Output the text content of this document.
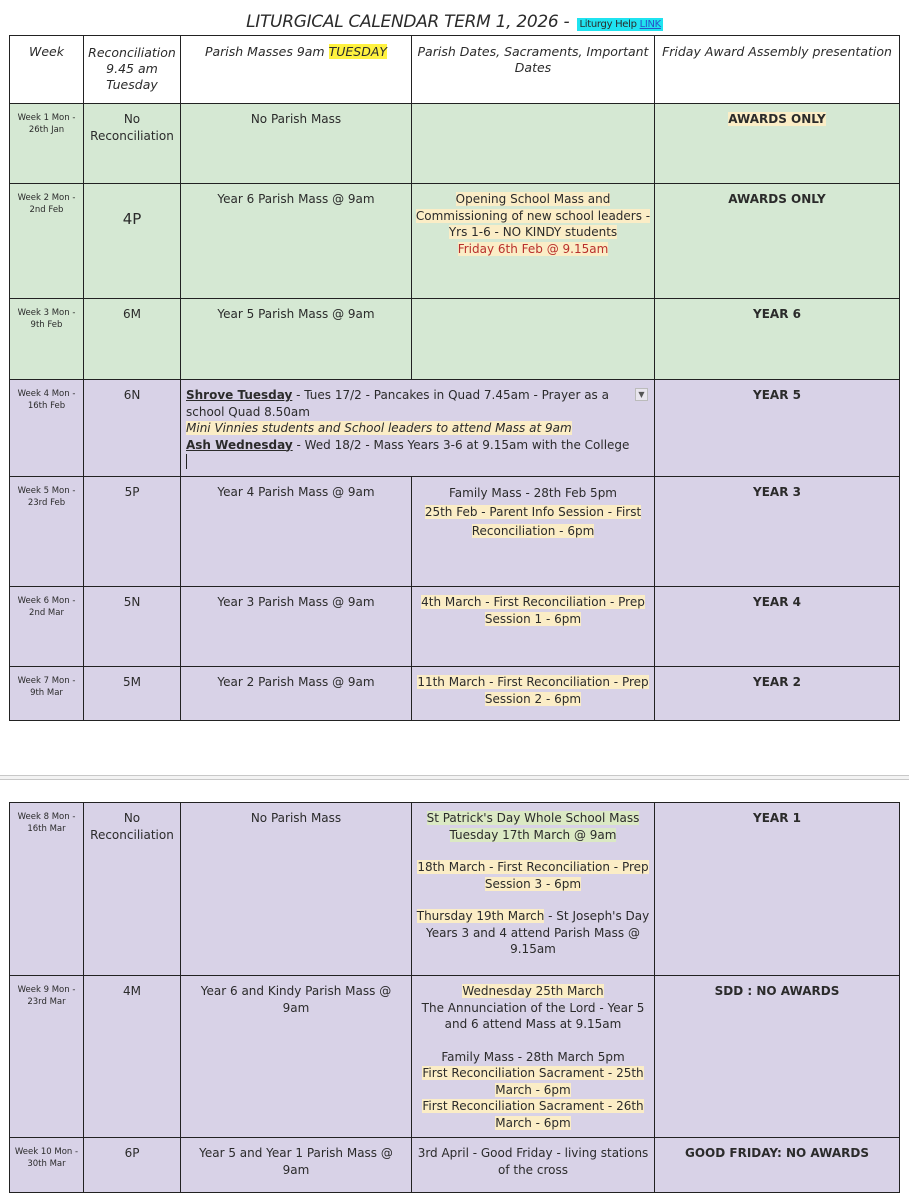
LITURGICAL CALENDAR TERM 1, 2026 - Liturgy Help LINK
Week	Reconciliation 9.45 am Tuesday	Parish Masses 9am TUESDAY	Parish Dates, Sacraments, Important Dates	Friday Award Assembly presentation
Week 1 Mon - 26th Jan	No Reconciliation	No Parish Mass		AWARDS ONLY
Week 2 Mon - 2nd Feb	4P	Year 6 Parish Mass @ 9am	Opening School Mass and Commissioning of new school leaders - Yrs 1-6 - NO KINDY students
Friday 6th Feb @ 9.15am	AWARDS ONLY
Week 3 Mon - 9th Feb	6M	Year 5 Parish Mass @ 9am		YEAR 6
Week 4 Mon - 16th Feb	6N	▼
Shrove Tuesday - Tues 17/2 - Pancakes in Quad 7.45am - Prayer as a school Quad 8.50am
Mini Vinnies students and School leaders to attend Mass at 9am
Ash Wednesday - Wed 18/2 - Mass Years 3-6 at 9.15am with the College		YEAR 5
Week 5 Mon - 23rd Feb	5P	Year 4 Parish Mass @ 9am	Family Mass - 28th Feb 5pm
25th Feb - Parent Info Session - First Reconciliation - 6pm	YEAR 3
Week 6 Mon - 2nd Mar	5N	Year 3 Parish Mass @ 9am	4th March - First Reconciliation - Prep Session 1 - 6pm	YEAR 4
Week 7 Mon - 9th Mar	5M	Year 2 Parish Mass @ 9am	11th March - First Reconciliation - Prep Session 2 - 6pm	YEAR 2
Week 8 Mon - 16th Mar	No Reconciliation	No Parish Mass	St Patrick's Day Whole School Mass Tuesday 17th March @ 9am
18th March - First Reconciliation - Prep Session 3 - 6pm
Thursday 19th March - St Joseph's Day Years 3 and 4 attend Parish Mass @ 9.15am	YEAR 1
Week 9 Mon - 23rd Mar	4M	Year 6 and Kindy Parish Mass @ 9am	Wednesday 25th March
The Annunciation of the Lord - Year 5 and 6 attend Mass at 9.15am
Family Mass - 28th March 5pm
First Reconciliation Sacrament - 25th March - 6pm
First Reconciliation Sacrament - 26th March - 6pm	SDD : NO AWARDS
Week 10 Mon - 30th Mar	6P	Year 5 and Year 1 Parish Mass @ 9am	3rd April - Good Friday - living stations of the cross	GOOD FRIDAY: NO AWARDS
